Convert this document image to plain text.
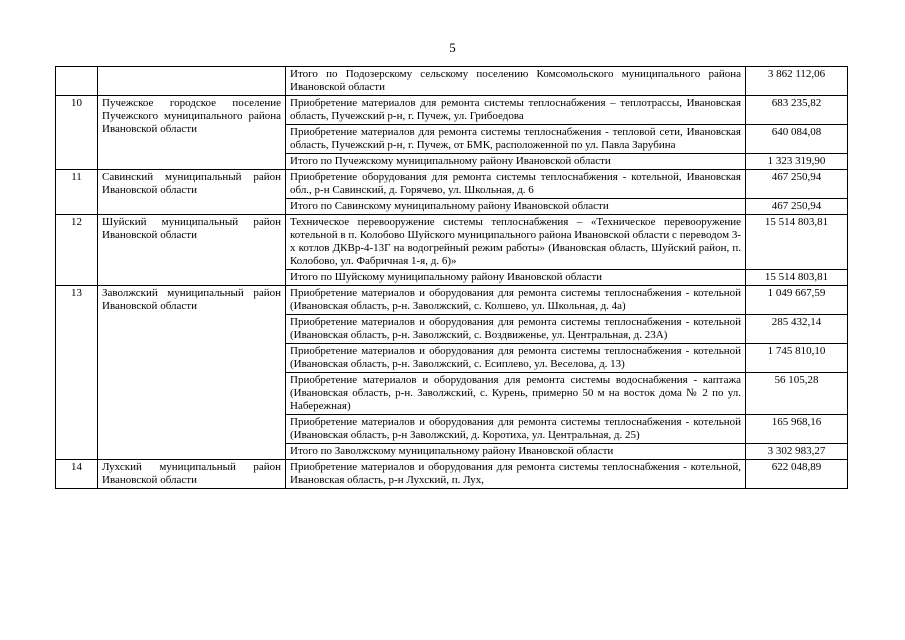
5
		Итого по Подозерскому сельскому поселению Комсомольского муниципального района Ивановской области	3 862 112,06
10	Пучежское городское поселение Пучежского муниципального района Ивановской области	Приобретение материалов для ремонта системы теплоснабжения – теплотрассы, Ивановская область, Пучежский р-н, г. Пучеж, ул. Грибоедова	683 235,82
		Приобретение материалов для ремонта системы теплоснабжения - тепловой сети, Ивановская область, Пучежский р-н, г. Пучеж, от БМК, расположенной по ул. Павла Зарубина	640 084,08
		Итого по Пучежскому муниципальному району Ивановской области	1 323 319,90
11	Савинский муниципальный район Ивановской области	Приобретение оборудования для ремонта системы теплоснабжения - котельной, Ивановская обл., р-н Савинский, д. Горячево, ул. Школьная, д. 6	467 250,94
		Итого по Савинскому муниципальному району Ивановской области	467 250,94
12	Шуйский муниципальный район Ивановской области	Техническое перевооружение системы теплоснабжения – «Техническое перевооружение котельной в п. Колобово Шуйского муниципального района Ивановской области с переводом 3-х котлов ДКВр-4-13Г на водогрейный режим работы» (Ивановская область, Шуйский район, п. Колобово, ул. Фабричная 1-я, д. 6)»	15 514 803,81
		Итого по Шуйскому муниципальному району Ивановской области	15 514 803,81
13	Заволжский муниципальный район Ивановской области	Приобретение материалов и оборудования для ремонта системы теплоснабжения - котельной (Ивановская область, р-н. Заволжский, с. Колшево, ул. Школьная, д. 4а)	1 049 667,59
		Приобретение материалов и оборудования для ремонта системы теплоснабжения - котельной (Ивановская область, р-н. Заволжский, с. Воздвиженье, ул. Центральная, д. 23А)	285 432,14
		Приобретение материалов и оборудования для ремонта системы теплоснабжения - котельной (Ивановская область, р-н. Заволжский, с. Есиплево, ул. Веселова, д. 13)	1 745 810,10
		Приобретение материалов и оборудования для ремонта системы водоснабжения - каптажа (Ивановская область, р-н. Заволжский, с. Курень, примерно 50 м на восток дома № 2 по ул. Набережная)	56 105,28
		Приобретение материалов и оборудования для ремонта системы теплоснабжения - котельной (Ивановская область, р-н Заволжский, д. Коротиха, ул. Центральная, д. 25)	165 968,16
		Итого по Заволжскому муниципальному району Ивановской области	3 302 983,27
14	Лухский муниципальный район Ивановской области	Приобретение материалов и оборудования для ремонта системы теплоснабжения - котельной, Ивановская область, р-н Лухский, п. Лух,	622 048,89
